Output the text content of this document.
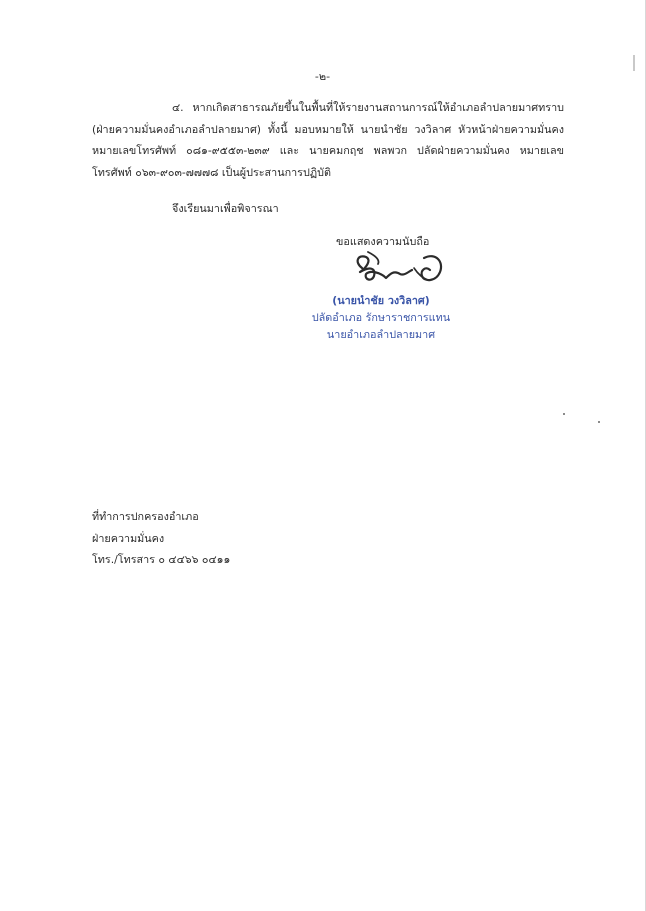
-๒-

๔. หากเกิดสาธารณภัยขึ้นในพื้นที่ให้รายงานสถานการณ์ให้อำเภอลำปลายมาศทราบ (ฝ่ายความมั่นคงอำเภอลำปลายมาศ) ทั้งนี้ มอบหมายให้ นายนำชัย วงวิลาศ หัวหน้าฝ่ายความมั่นคง หมายเลขโทรศัพท์ ๐๘๑-๙๕๕๓-๒๓๙ และ นายคมกฤช พลพวก ปลัดฝ่ายความมั่นคง หมายเลขโทรศัพท์ ๐๖๓-๙๐๓-๗๗๗๘ เป็นผู้ประสานการปฏิบัติ

จึงเรียนมาเพื่อพิจารณา
ขอแสดงความนับถือ
(นายนำชัย วงวิลาศ)
ปลัดอำเภอ รักษาราชการแทน
นายอำเภอลำปลายมาศ
ที่ทำการปกครองอำเภอ
ฝ่ายความมั่นคง
โทร./โทรสาร ๐ ๔๔๖๖ ๐๔๑๑
